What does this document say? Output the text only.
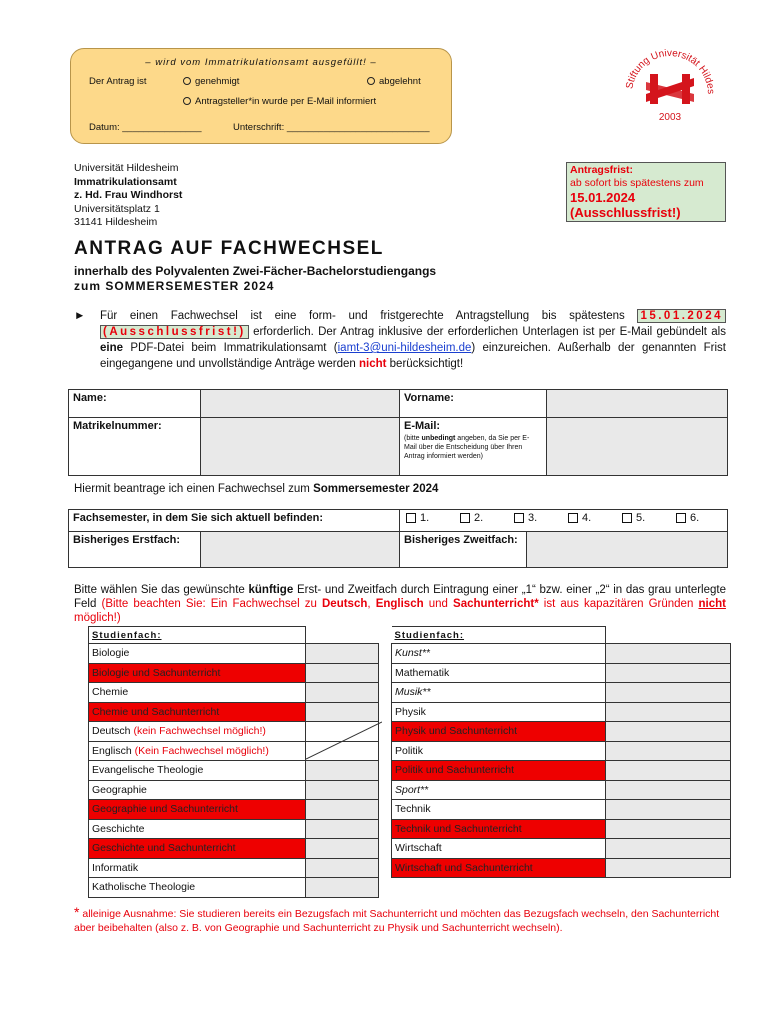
– wird vom Immatrikulationsamt ausgefüllt! –
Der Antrag ist	genehmigt	abgelehnt
Antragsteller*in wurde per E-Mail informiert
Datum: _______________	Unterschrift: ___________________________
Stiftung Universität Hildes
2003
Universität Hildesheim
Immatrikulationsamt
z. Hd. Frau Windhorst
Universitätsplatz 1
31141 Hildesheim
Antragsfrist:
ab sofort bis spätestens zum
15.01.2024
(Ausschlussfrist!)
ANTRAG AUF FACHWECHSEL
innerhalb des Polyvalenten Zwei-Fächer-Bachelorstudiengangs
zum SOMMERSEMESTER 2024
► Für einen Fachwechsel ist eine form- und fristgerechte Antragstellung bis spätestens 15.01.2024 (Ausschlussfrist!) erforderlich. Der Antrag inklusive der erforderlichen Unterlagen ist per E-Mail gebündelt als eine PDF-Datei beim Immatrikulationsamt (iamt-3@uni-hildesheim.de) einzureichen. Außerhalb der genannten Frist eingegangene und unvollständige Anträge werden nicht berücksichtigt!
Name:		Vorname:	
Matrikelnummer:		E-Mail:
(bitte unbedingt angeben, da Sie per E-Mail über die Entscheidung über Ihren Antrag informiert werden)	

Hiermit beantrage ich einen Fachwechsel zum Sommersemester 2024
Fachsemester, in dem Sie sich aktuell befinden:		1. 2. 3. 4. 5. 6.	
Bisheriges Erstfach:		Bisheriges Zweitfach:	
Bitte wählen Sie das gewünschte künftige Erst- und Zweitfach durch Eintragung einer „1“ bzw. einer „2“ in das grau unterlegte Feld (Bitte beachten Sie: Ein Fachwechsel zu Deutsch, Englisch und Sachunterricht* ist aus kapazitären Gründen nicht möglich!)
Studienfach:			Studienfach:	
Biologie			Kunst**	
Biologie und Sachunterricht			Mathematik	
Chemie			Musik**	
Chemie und Sachunterricht			Physik	
Deutsch (kein Fachwechsel möglich!)			Physik und Sachunterricht	
Englisch (Kein Fachwechsel möglich!)			Politik	
Evangelische Theologie			Politik und Sachunterricht	
Geographie			Sport**	
Geographie und Sachunterricht			Technik	
Geschichte			Technik und Sachunterricht	
Geschichte und Sachunterricht			Wirtschaft	
Informatik			Wirtschaft und Sachunterricht	
Katholische Theologie				
* alleinige Ausnahme: Sie studieren bereits ein Bezugsfach mit Sachunterricht und möchten das Bezugsfach wechseln, den Sachunterricht aber beibehalten (also z. B. von Geographie und Sachunterricht zu Physik und Sachunterricht wechseln).
